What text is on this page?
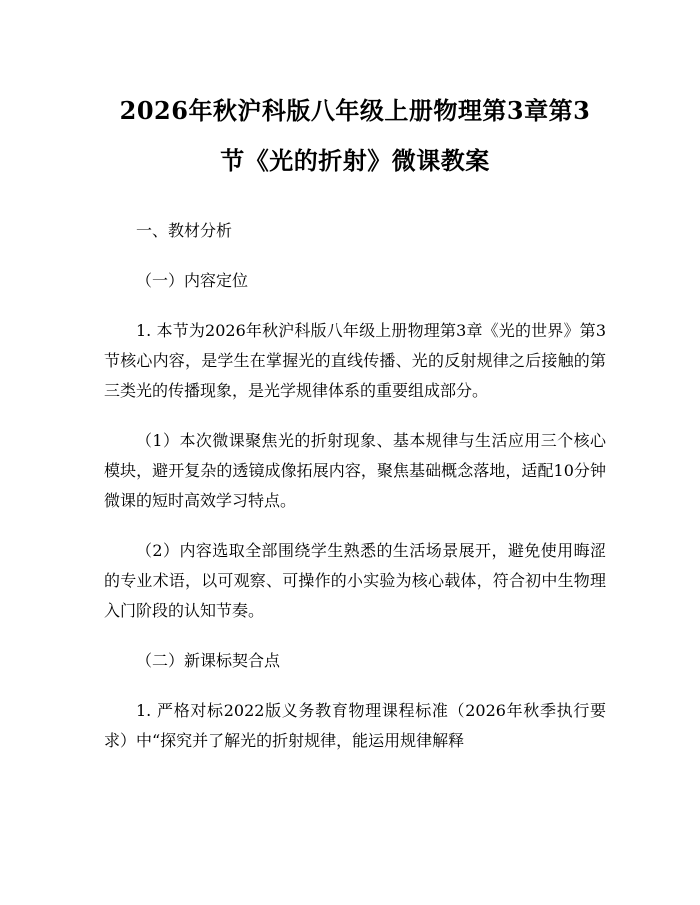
2026年秋沪科版八年级上册物理第3章第3
节《光的折射》微课教案

一、教材分析

（一）内容定位

1. 本节为2026年秋沪科版八年级上册物理第3章《光的世界》第3节核心内容，是学生在掌握光的直线传播、光的反射规律之后接触的第三类光的传播现象，是光学规律体系的重要组成部分。

（1）本次微课聚焦光的折射现象、基本规律与生活应用三个核心模块，避开复杂的透镜成像拓展内容，聚焦基础概念落地，适配10分钟微课的短时高效学习特点。

（2）内容选取全部围绕学生熟悉的生活场景展开，避免使用晦涩的专业术语，以可观察、可操作的小实验为核心载体，符合初中生物理入门阶段的认知节奏。

（二）新课标契合点

1. 严格对标2022版义务教育物理课程标准（2026年秋季执行要求）中“探究并了解光的折射规律，能运用规律解释
